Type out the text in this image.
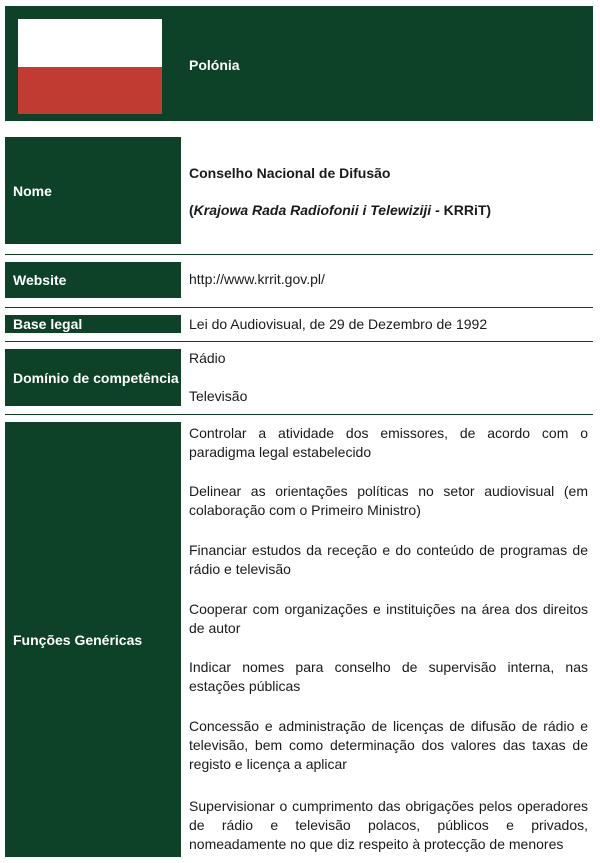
Polónia
Nome
Conselho Nacional de Difusão
(Krajowa Rada Radiofonii i Telewiziji - KRRiT)
Website	http://www.krrit.gov.pl/
Base legal	Lei do Audiovisual, de 29 de Dezembro de 1992
Domínio de competência
Rádio
Televisão
Funções Genéricas
Controlar a atividade dos emissores, de acordo com o paradigma legal estabelecido
Delinear as orientações políticas no setor audiovisual (em colaboração com o Primeiro Ministro)
Financiar estudos da receção e do conteúdo de programas de rádio e televisão
Cooperar com organizações e instituições na área dos direitos de autor
Indicar nomes para conselho de supervisão interna, nas estações públicas
Concessão e administração de licenças de difusão de rádio e televisão, bem como determinação dos valores das taxas de registo e licença a aplicar
Supervisionar o cumprimento das obrigações pelos operadores de rádio e televisão polacos, públicos e privados, nomeadamente no que diz respeito à protecção de menores
